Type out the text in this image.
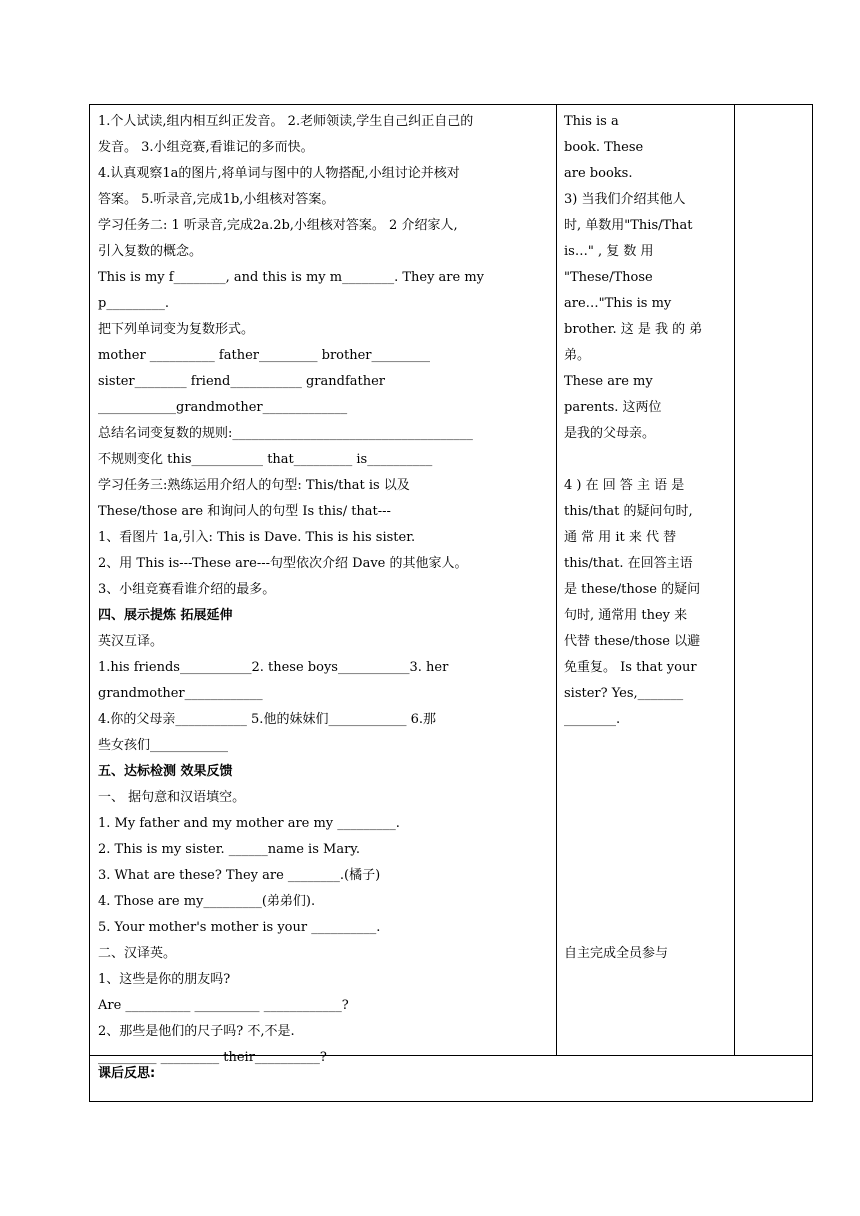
1.个人试读,组内相互纠正发音。 2.老师领读,学生自己纠正自己的
发音。 3.小组竞赛,看谁记的多而快。
4.认真观察1a的图片,将单词与图中的人物搭配,小组讨论并核对
答案。 5.听录音,完成1b,小组核对答案。
学习任务二: 1 听录音,完成2a.2b,小组核对答案。 2 介绍家人,
引入复数的概念。
This is my f________, and this is my m________. They are my
p_________.
把下列单词变为复数形式。
mother __________ father_________ brother_________
sister________ friend___________ grandfather
____________grandmother_____________
总结名词变复数的规则:_____________________________________
不规则变化 this___________ that_________ is__________
学习任务三:熟练运用介绍人的句型: This/that is 以及
These/those are 和询问人的句型 Is this/ that---
1、看图片 1a,引入: This is Dave. This is his sister.
2、用 This is---These are---句型依次介绍 Dave 的其他家人。
3、小组竞赛看谁介绍的最多。
四、展示提炼 拓展延伸
英汉互译。
1.his friends___________2. these boys___________3. her
grandmother____________
4.你的父母亲___________ 5.他的妹妹们____________ 6.那
些女孩们____________
五、达标检测 效果反馈
一、 据句意和汉语填空。
1. My father and my mother are my _________.
2. This is my sister. ______name is Mary.
3. What are these? They are ________.(橘子)
4. Those are my_________(弟弟们).
5. Your mother's mother is your __________.
二、汉译英。
1、这些是你的朋友吗?
Are __________ __________ ____________?
2、那些是他们的尺子吗? 不,不是.
_________ _________ their__________?
This is a
book. These
are books.
3) 当我们介绍其他人
时, 单数用"This/That
is…" , 复 数 用
"These/Those
are…"This is my
brother. 这 是 我 的 弟
弟。
These are my
parents. 这两位
是我的父母亲。
4 ) 在 回 答 主 语 是
this/that 的疑问句时,
通 常 用 it 来 代 替
this/that. 在回答主语
是 these/those 的疑问
句时, 通常用 they 来
代替 these/those 以避
免重复。 Is that your
sister? Yes,_______
________.
自主完成全员参与
课后反思:
